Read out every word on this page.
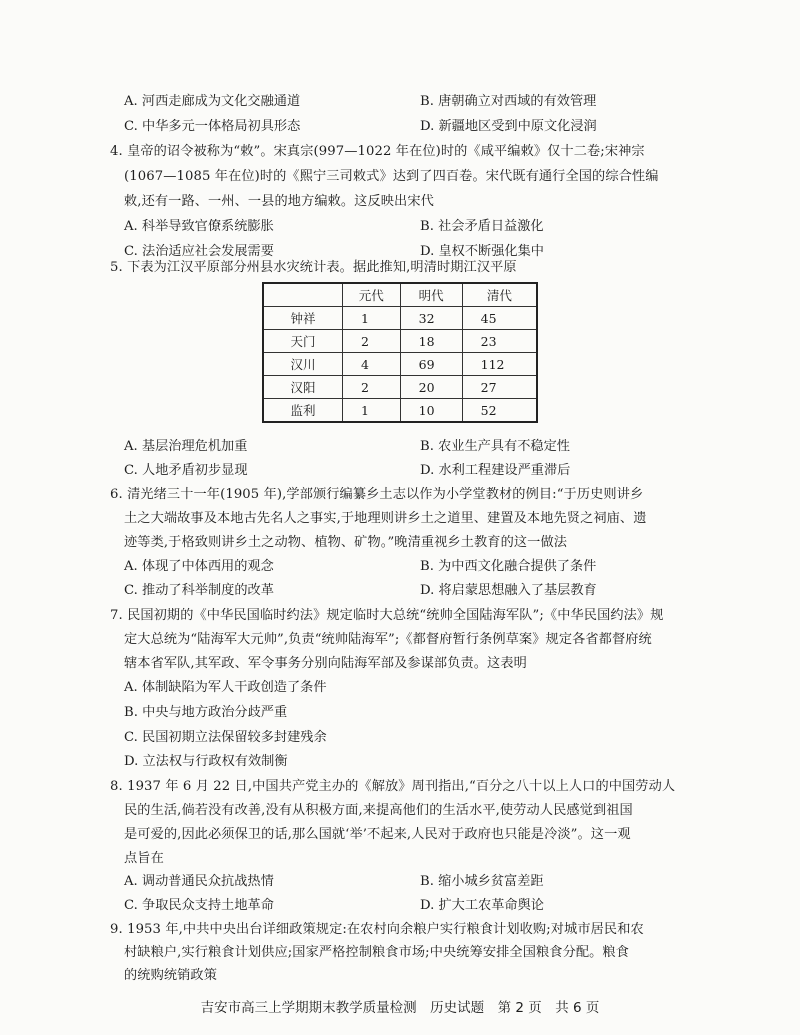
A. 河西走廊成为文化交融通道	B. 唐朝确立对西域的有效管理
C. 中华多元一体格局初具形态	D. 新疆地区受到中原文化浸润
4. 皇帝的诏令被称为“敕”。宋真宗(997—1022 年在位)时的《咸平编敕》仅十二卷;宋神宗
(1067—1085 年在位)时的《熙宁三司敕式》达到了四百卷。宋代既有通行全国的综合性编
敕,还有一路、一州、一县的地方编敕。这反映出宋代
A. 科举导致官僚系统膨胀	B. 社会矛盾日益激化
C. 法治适应社会发展需要	D. 皇权不断强化集中
5. 下表为江汉平原部分州县水灾统计表。据此推知,明清时期江汉平原
	元代	明代	清代
钟祥	1	32	45
天门	2	18	23
汉川	4	69	112
汉阳	2	20	27
监利	1	10	52
A. 基层治理危机加重	B. 农业生产具有不稳定性
C. 人地矛盾初步显现	D. 水利工程建设严重滞后
6. 清光绪三十一年(1905 年),学部颁行编纂乡土志以作为小学堂教材的例目:“于历史则讲乡
土之大端故事及本地古先名人之事实,于地理则讲乡土之道里、建置及本地先贤之祠庙、遗
迹等类,于格致则讲乡土之动物、植物、矿物。”晚清重视乡土教育的这一做法
A. 体现了中体西用的观念	B. 为中西文化融合提供了条件
C. 推动了科举制度的改革	D. 将启蒙思想融入了基层教育
7. 民国初期的《中华民国临时约法》规定临时大总统“统帅全国陆海军队”;《中华民国约法》规
定大总统为“陆海军大元帅”,负责“统帅陆海军”;《都督府暂行条例草案》规定各省都督府统
辖本省军队,其军政、军令事务分别向陆海军部及参谋部负责。这表明
A. 体制缺陷为军人干政创造了条件
B. 中央与地方政治分歧严重
C. 民国初期立法保留较多封建残余
D. 立法权与行政权有效制衡
8. 1937 年 6 月 22 日,中国共产党主办的《解放》周刊指出,“百分之八十以上人口的中国劳动人
民的生活,倘若没有改善,没有从积极方面,来提高他们的生活水平,使劳动人民感觉到祖国
是可爱的,因此必须保卫的话,那么国就‘举’不起来,人民对于政府也只能是冷淡”。这一观
点旨在
A. 调动普通民众抗战热情	B. 缩小城乡贫富差距
C. 争取民众支持土地革命	D. 扩大工农革命舆论
9. 1953 年,中共中央出台详细政策规定:在农村向余粮户实行粮食计划收购;对城市居民和农
村缺粮户,实行粮食计划供应;国家严格控制粮食市场;中央统筹安排全国粮食分配。粮食
的统购统销政策
吉安市高三上学期期末教学质量检测　历史试题　第 2 页　共 6 页
